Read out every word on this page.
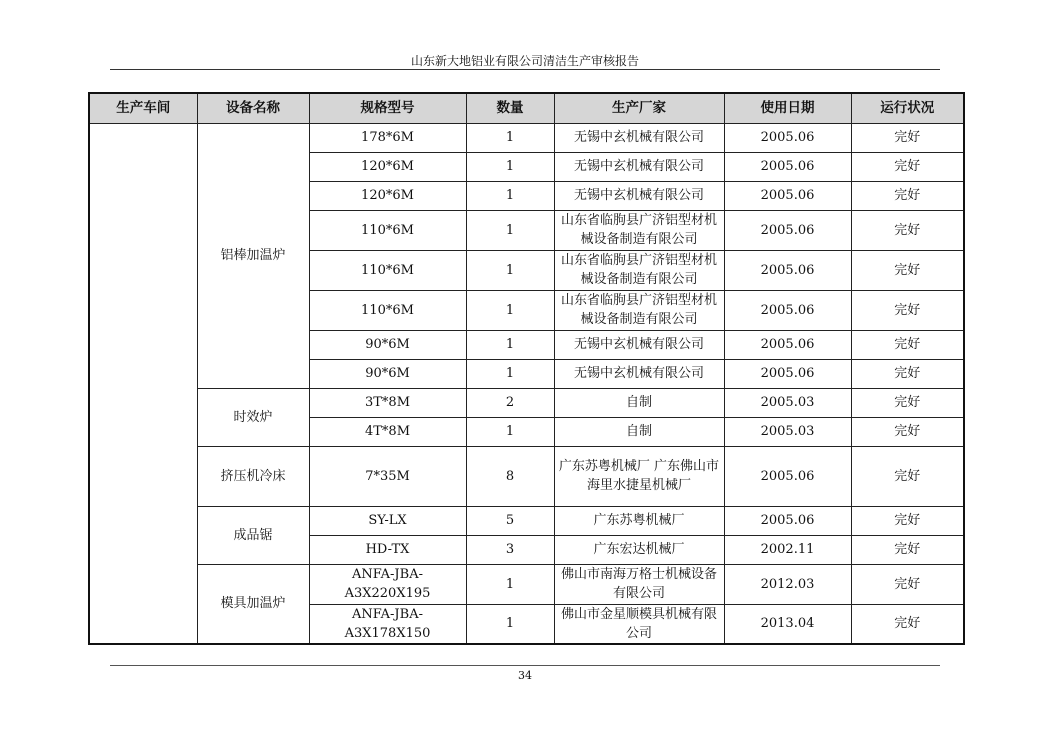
山东新大地铝业有限公司清洁生产审核报告
生产车间	设备名称	规格型号	数量	生产厂家	使用日期	运行状况
	铝棒加温炉	178*6M	1	无锡中玄机械有限公司	2005.06	完好
		120*6M	1	无锡中玄机械有限公司	2005.06	完好
		120*6M	1	无锡中玄机械有限公司	2005.06	完好
		110*6M	1	山东省临朐县广济铝型材机械设备制造有限公司	2005.06	完好
		110*6M	1	山东省临朐县广济铝型材机械设备制造有限公司	2005.06	完好
		110*6M	1	山东省临朐县广济铝型材机械设备制造有限公司	2005.06	完好
		90*6M	1	无锡中玄机械有限公司	2005.06	完好
		90*6M	1	无锡中玄机械有限公司	2005.06	完好
	时效炉	3T*8M	2	自制	2005.03	完好
		4T*8M	1	自制	2005.03	完好
	挤压机冷床	7*35M	8	广东苏粤机械厂 广东佛山市海里水捷星机械厂	2005.06	完好
	成品锯	SY-LX	5	广东苏粤机械厂	2005.06	完好
		HD-TX	3	广东宏达机械厂	2002.11	完好
	模具加温炉	ANFA-JBA-A3X220X195	1	佛山市南海万格士机械设备有限公司	2012.03	完好
		ANFA-JBA-A3X178X150	1	佛山市金星顺模具机械有限公司	2013.04	完好
34
